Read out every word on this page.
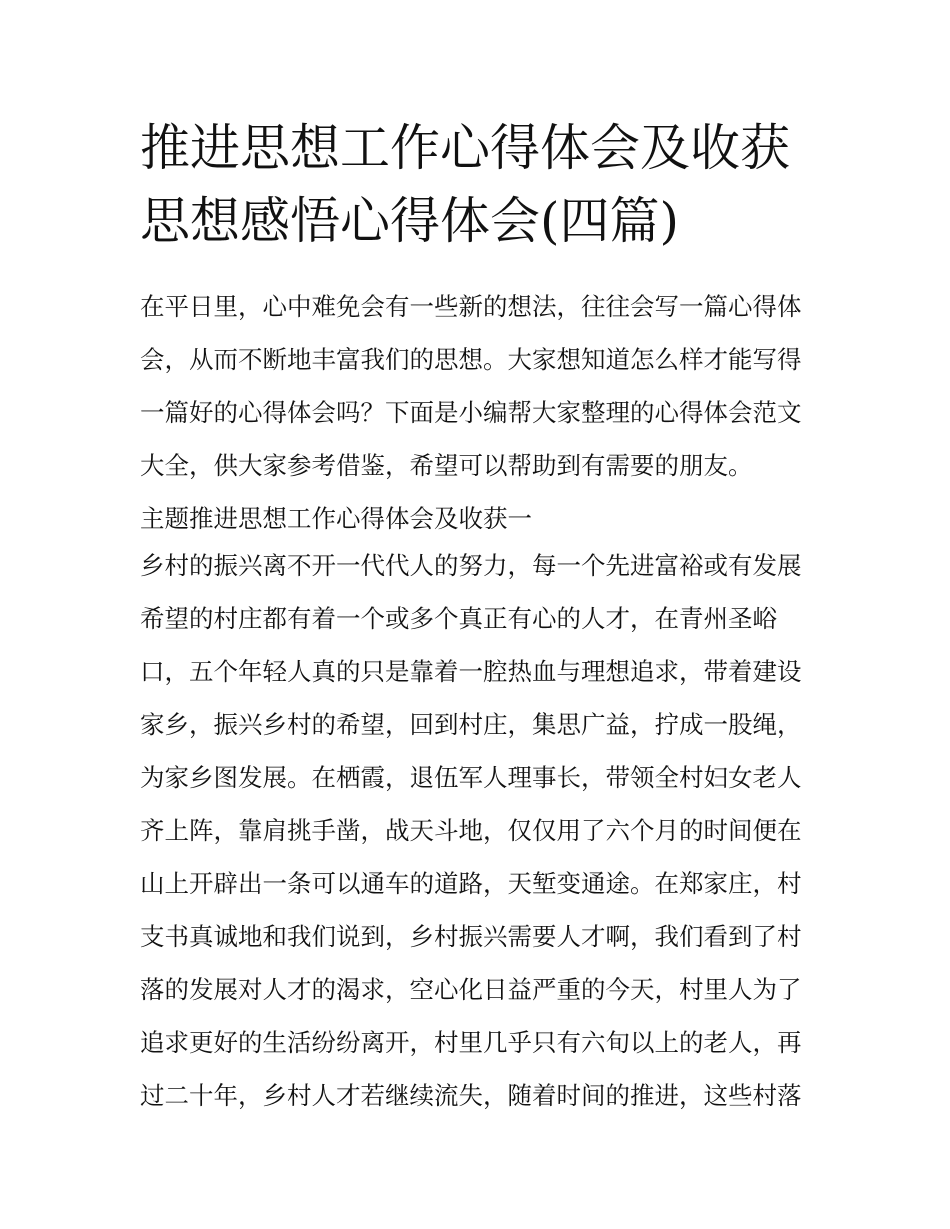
推进思想工作心得体会及收获
思想感悟心得体会(四篇)
在平日里，心中难免会有一些新的想法，往往会写一篇心得体
会，从而不断地丰富我们的思想。大家想知道怎么样才能写得
一篇好的心得体会吗？下面是小编帮大家整理的心得体会范文
大全，供大家参考借鉴，希望可以帮助到有需要的朋友。
主题推进思想工作心得体会及收获一
乡村的振兴离不开一代代人的努力，每一个先进富裕或有发展
希望的村庄都有着一个或多个真正有心的人才，在青州圣峪
口，五个年轻人真的只是靠着一腔热血与理想追求，带着建设
家乡，振兴乡村的希望，回到村庄，集思广益，拧成一股绳，
为家乡图发展。在栖霞，退伍军人理事长，带领全村妇女老人
齐上阵，靠肩挑手凿，战天斗地，仅仅用了六个月的时间便在
山上开辟出一条可以通车的道路，天堑变通途。在郑家庄，村
支书真诚地和我们说到，乡村振兴需要人才啊，我们看到了村
落的发展对人才的渴求，空心化日益严重的今天，村里人为了
追求更好的生活纷纷离开，村里几乎只有六旬以上的老人，再
过二十年，乡村人才若继续流失，随着时间的推进，这些村落
